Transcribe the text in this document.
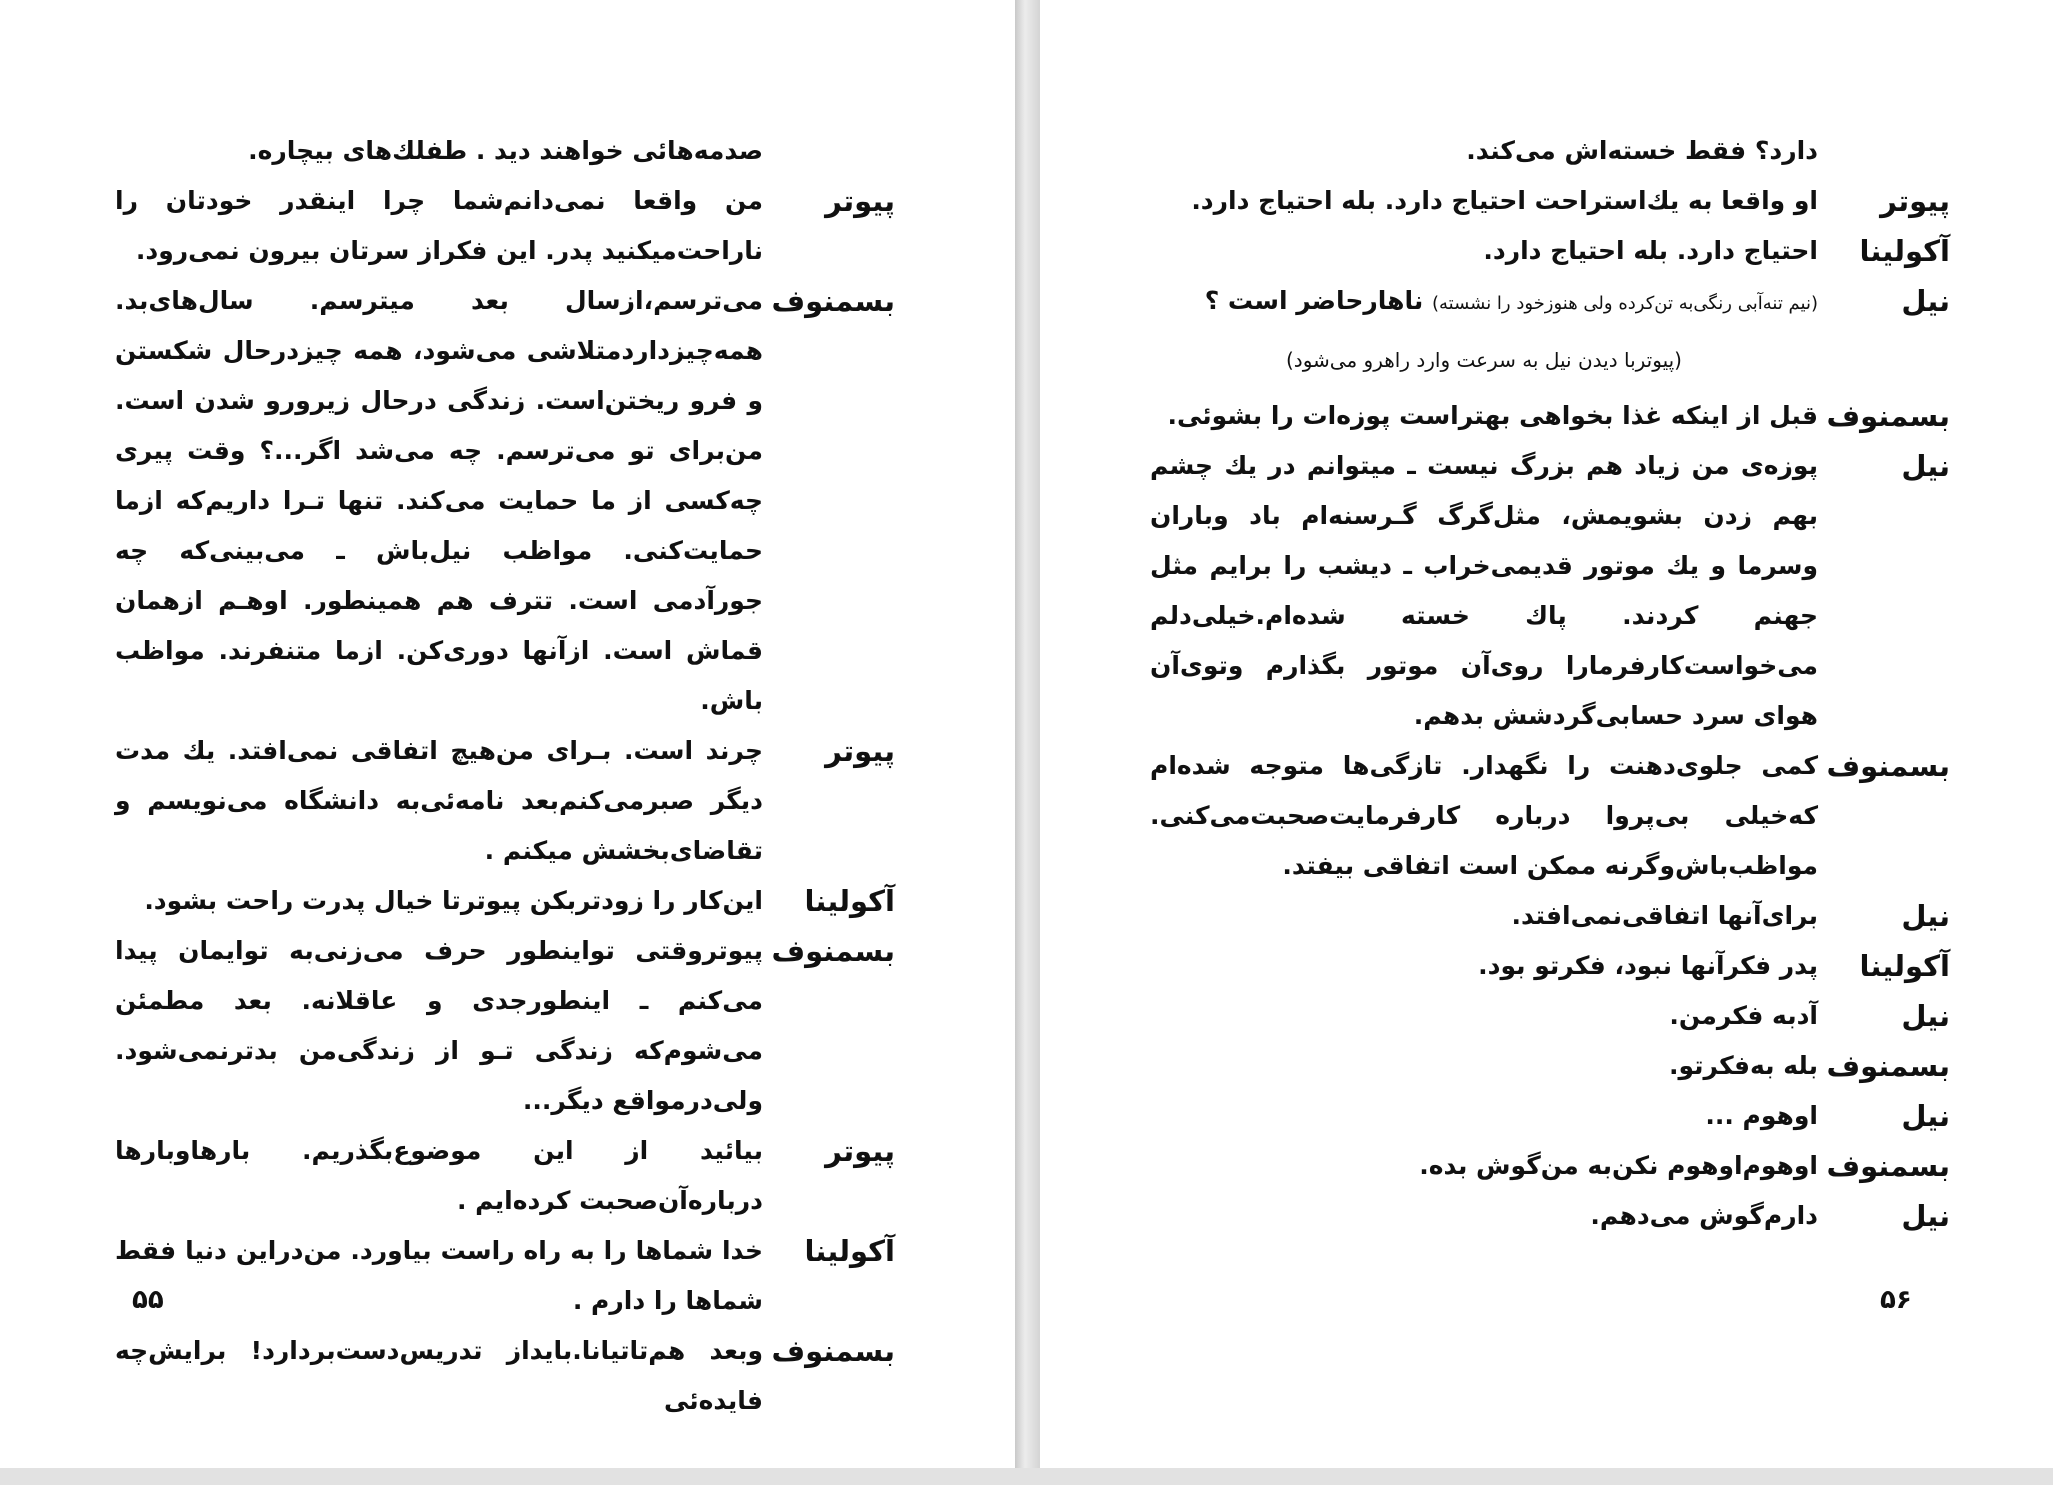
صدمه‌هائی خواهند دید . طفلك‌های بیچاره.
پیوتر
من واقعا نمی‌دانم‌شما چرا اینقدر خودتان را ناراحت‌میکنید پدر. این فکراز سرتان بیرون نمی‌رود.
بسمنوف
می‌ترسم،ازسال بعد میترسم. سال‌های‌بد. همه‌چیزداردمتلاشی می‌شود، همه چیزدرحال شکستن و فرو ریختن‌است. زندگی درحال زیرورو شدن است. من‌برای تو می‌ترسم. چه می‌شد اگر...؟ وقت پیری چه‌کسی از ما حمایت می‌کند. تنها تـرا داریم‌که ازما حمایت‌کنی. مواظب نیل‌باش ـ می‌بینی‌که چه جورآدمی است. تترف هم همینطور. اوهـم ازهمان قماش است. ازآنها دوری‌کن. ازما متنفرند. مواظب باش.
پیوتر
چرند است. بـرای من‌هیچ اتفاقی نمی‌افتد. یك مدت دیگر صبرمی‌کنم‌بعد نامه‌ئی‌به دانشگاه می‌نویسم و تقاضای‌بخشش میکنم .
آکولینا
این‌کار را زودتربکن پیوترتا خیال پدرت راحت بشود.
بسمنوف
پیوتروقتی تواینطور حرف می‌زنی‌به توایمان پیدا می‌کنم ـ اینطورجدی و عاقلانه. بعد مطمئن می‌شوم‌که زندگی تـو از زندگی‌من بدترنمی‌شود. ولی‌درمواقع دیگر...
پیوتر
بیائید از این موضوع‌بگذریم. بارهاوبارها درباره‌آن‌صحبت کرده‌ایم .
آکولینا
خدا شماها را به راه راست بیاورد. من‌دراین دنیا فقط شماها را دارم .
بسمنوف
وبعد هم‌تاتیانا.بایداز تدریس‌دست‌بردارد! برایش‌چه فایده‌ئی
دارد؟ فقط خسته‌اش می‌کند.
پیوتر
او واقعا به یك‌استراحت احتیاج دارد. بله احتیاج دارد.
آکولینا
احتیاج دارد. بله احتیاج دارد.
نیل
(نیم تنه‌آبی رنگی‌به تن‌کرده ولی هنوزخود را نشسته) ناهارحاضر است ؟
(پیوتربا دیدن نیل به سرعت وارد راهرو می‌شود)
بسمنوف
قبل از اینکه غذا بخواهی بهتراست پوزه‌ات را بشوئی.
نیل
پوزه‌ی من زیاد هم بزرگ نیست ـ میتوانم در یك چشم بهم زدن بشویمش، مثل‌گرگ گـرسنه‌ام باد وباران وسرما و یك موتور قدیمی‌خراب ـ دیشب را برایم مثل جهنم کردند. پاك خسته شده‌ام.خیلی‌دلم می‌خواست‌کارفرمارا روی‌آن موتور بگذارم وتوی‌آن هوای سرد حسابی‌گردشش بدهم.
بسمنوف
کمی جلوی‌دهنت را نگهدار. تازگی‌ها متوجه شده‌ام که‌خیلی بی‌پروا درباره کارفرمایت‌صحبت‌می‌کنی. مواظب‌باش‌وگرنه ممکن است اتفاقی بیفتد.
نیل
برای‌آنها اتفاقی‌نمی‌افتد.
آکولینا
پدر فکرآنها نبود، فکرتو بود.
نیل
آدبه فکرمن.
بسمنوف
بله به‌فکرتو.
نیل
اوهوم ...
بسمنوف
اوهوم‌اوهوم نکن‌به من‌گوش بده.
نیل
دارم‌گوش می‌دهم.
۵۵	۵۶
